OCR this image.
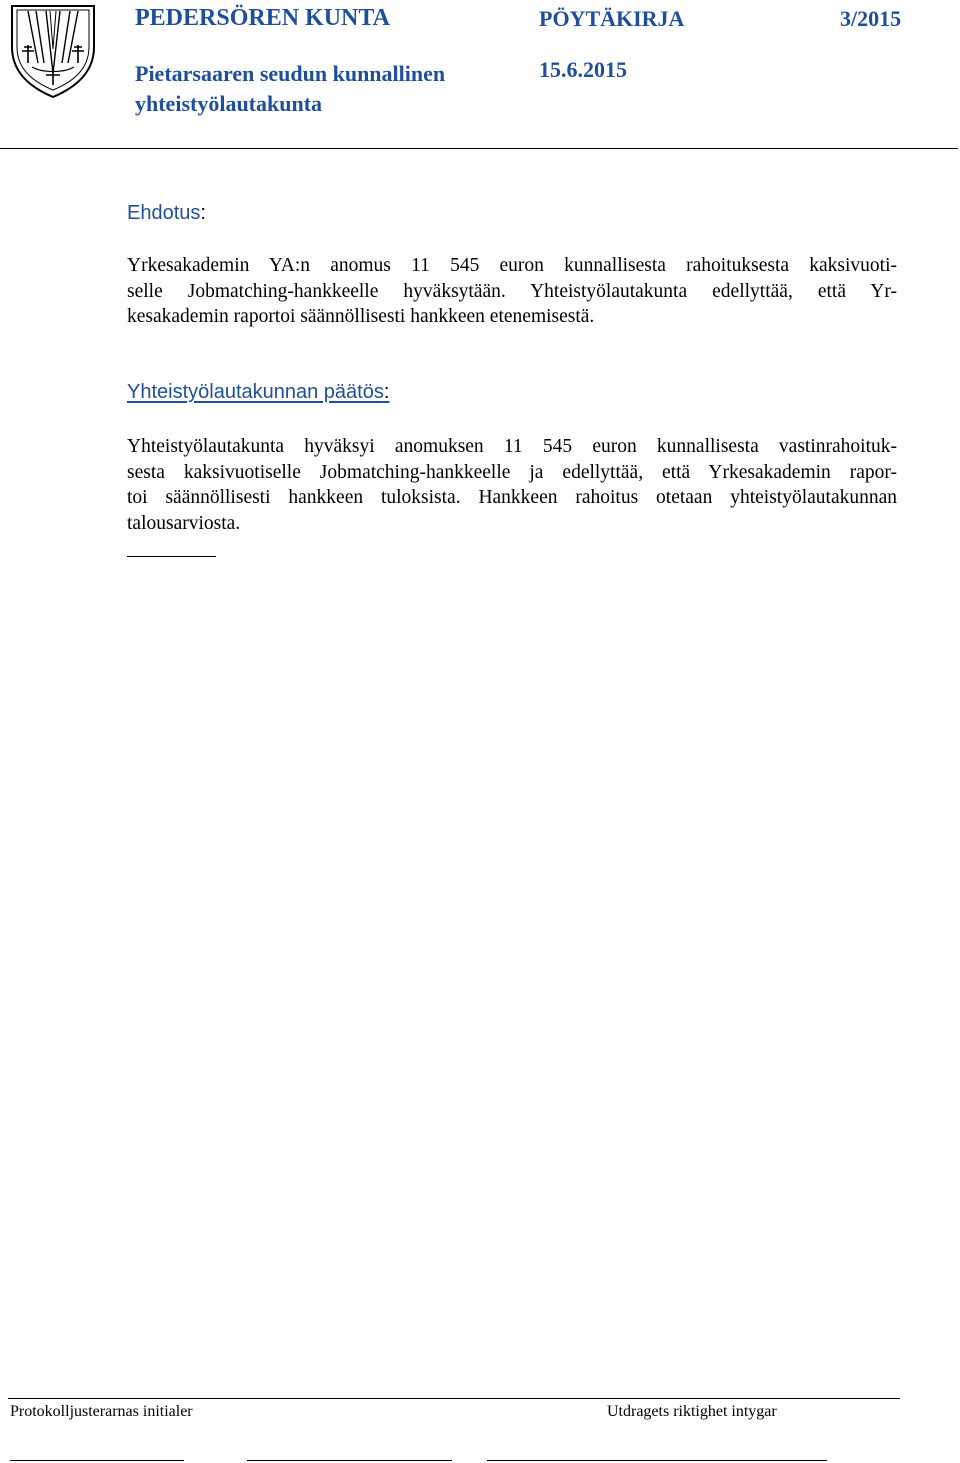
PEDERSÖREN KUNTA
Pietarsaaren seudun kunnallinen
yhteistyölautakunta
PÖYTÄKIRJA	3/2015
15.6.2015
Ehdotus:
Yrkesakademin YA:n anomus 11 545 euron kunnallisesta rahoituksesta kaksivuoti-
selle Jobmatching-hankkeelle hyväksytään. Yhteistyölautakunta edellyttää, että Yr-
kesakademin raportoi säännöllisesti hankkeen etenemisestä.
Yhteistyölautakunnan päätös:
Yhteistyölautakunta hyväksyi anomuksen 11 545 euron kunnallisesta vastinrahoituk-
sesta kaksivuotiselle Jobmatching-hankkeelle ja edellyttää, että Yrkesakademin rapor-
toi säännöllisesti hankkeen tuloksista. Hankkeen rahoitus otetaan yhteistyölautakunnan
talousarviosta.
Protokolljusterarnas initialer	Utdragets riktighet intygar
